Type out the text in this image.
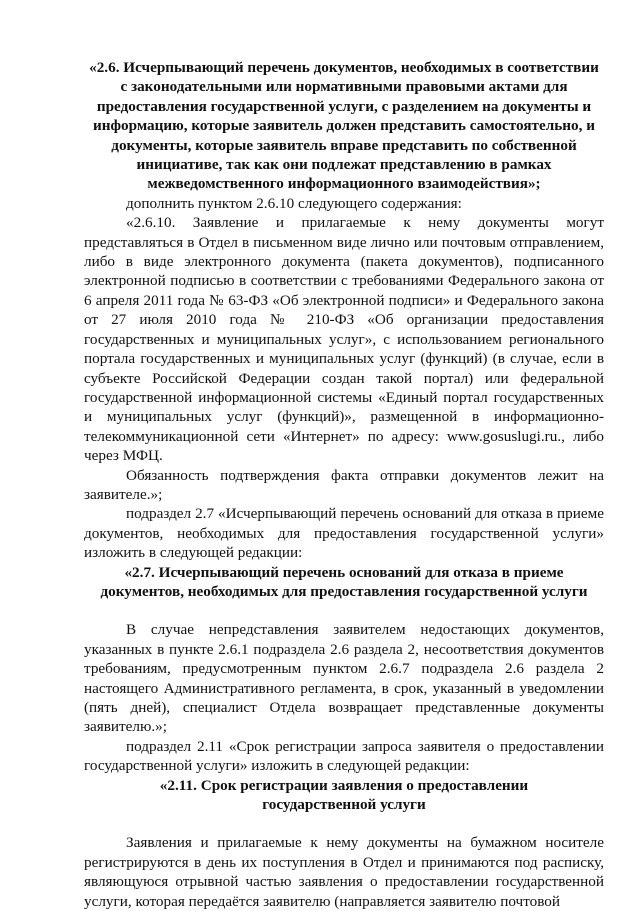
«2.6. Исчерпывающий перечень документов, необходимых в соответствии с законодательными или нормативными правовыми актами для предоставления государственной услуги, с разделением на документы и информацию, которые заявитель должен представить самостоятельно, и документы, которые заявитель вправе представить по собственной инициативе, так как они подлежат представлению в рамках межведомственного информационного взаимодействия»;

дополнить пунктом 2.6.10 следующего содержания:

«2.6.10. Заявление и прилагаемые к нему документы могут представляться в Отдел в письменном виде лично или почтовым отправлением, либо в виде электронного документа (пакета документов), подписанного электронной подписью в соответствии с требованиями Федерального закона от 6 апреля 2011 года № 63-ФЗ «Об электронной подписи» и Федерального закона от 27 июля 2010 года № 210-ФЗ «Об организации предоставления государственных и муниципальных услуг», с использованием регионального портала государственных и муниципальных услуг (функций) (в случае, если в субъекте Российской Федерации создан такой портал) или федеральной государственной информационной системы «Единый портал государственных и муниципальных услуг (функций)», размещенной в информационно-телекоммуникационной сети «Интернет» по адресу: www.gosuslugi.ru., либо через МФЦ.

Обязанность подтверждения факта отправки документов лежит на заявителе.»;

подраздел 2.7 «Исчерпывающий перечень оснований для отказа в приеме документов, необходимых для предоставления государственной услуги» изложить в следующей редакции:

«2.7. Исчерпывающий перечень оснований для отказа в приеме документов, необходимых для предоставления государственной услуги

В случае непредставления заявителем недостающих документов, указанных в пункте 2.6.1 подраздела 2.6 раздела 2, несоответствия документов требованиям, предусмотренным пунктом 2.6.7 подраздела 2.6 раздела 2 настоящего Административного регламента, в срок, указанный в уведомлении (пять дней), специалист Отдела возвращает представленные документы заявителю.»;

подраздел 2.11 «Срок регистрации запроса заявителя о предоставлении государственной услуги» изложить в следующей редакции:

«2.11. Срок регистрации заявления о предоставлении государственной услуги

Заявления и прилагаемые к нему документы на бумажном носителе регистрируются в день их поступления в Отдел и принимаются под расписку, являющуюся отрывной частью заявления о предоставлении государственной услуги, которая передаётся заявителю (направляется заявителю почтовой
